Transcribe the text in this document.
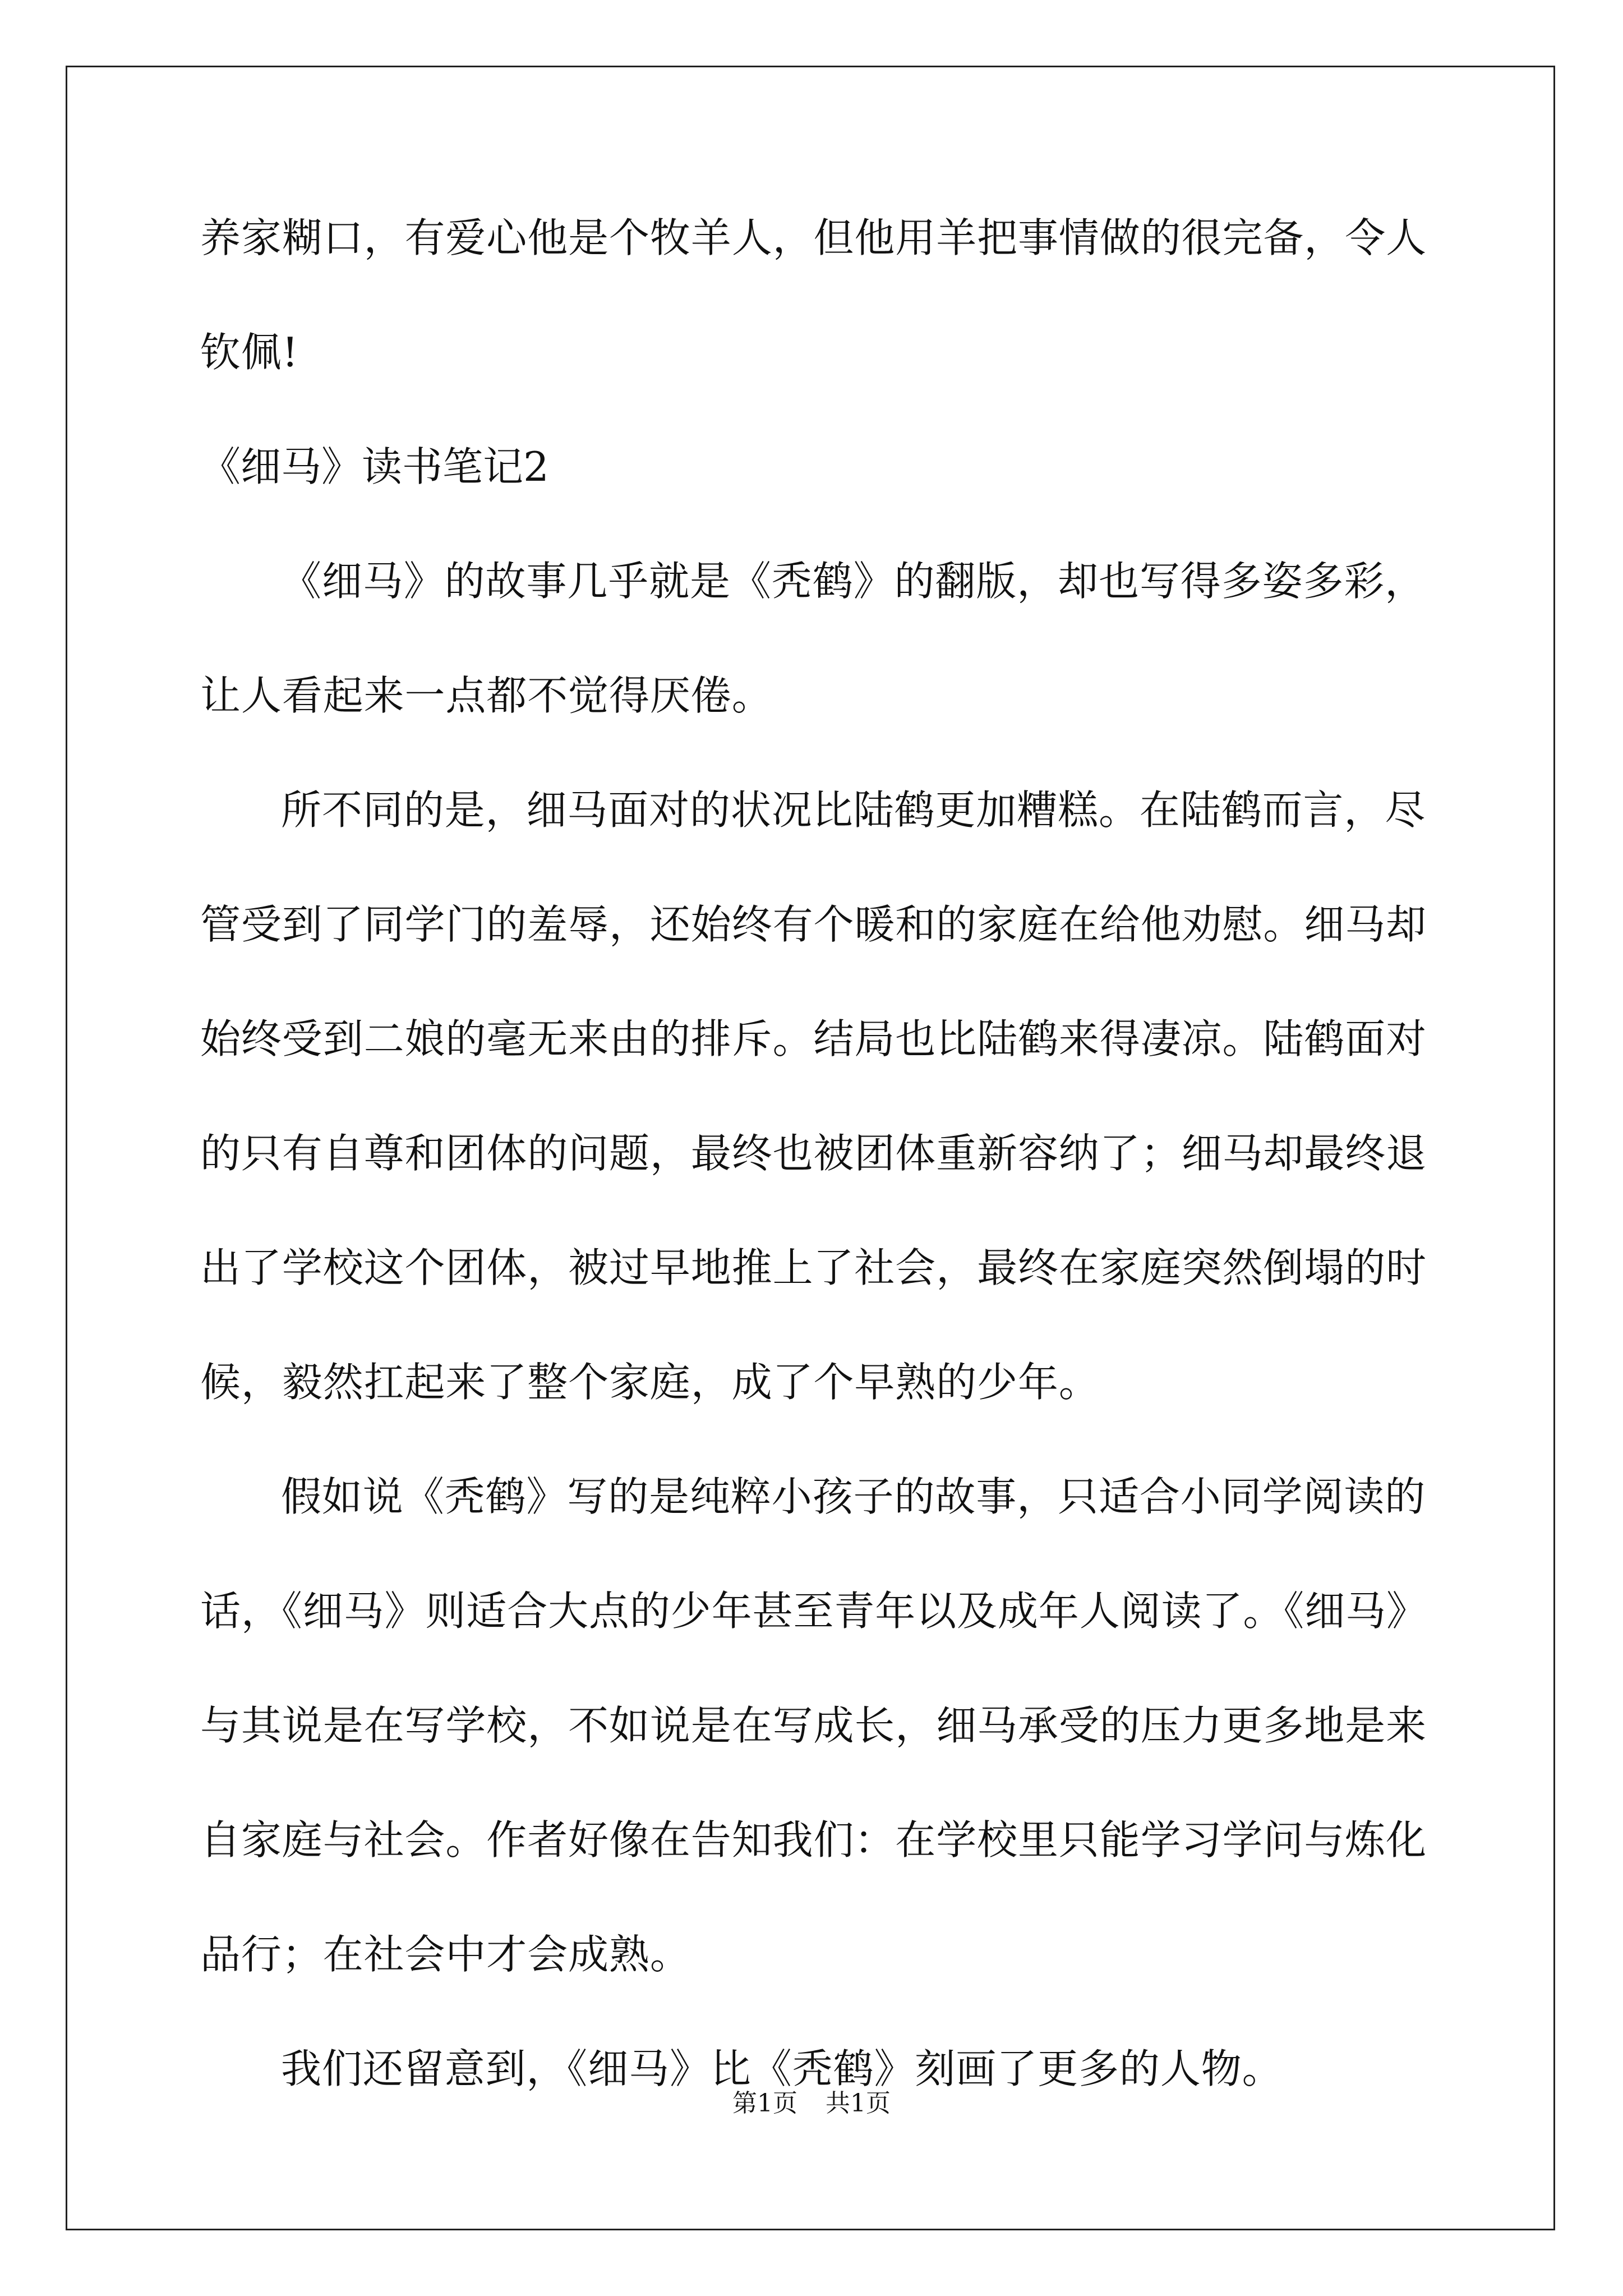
养家糊口，有爱心他是个牧羊人，但他用羊把事情做的很完备，令人
钦佩!
《细马》读书笔记2
《细马》的故事几乎就是《秃鹤》的翻版，却也写得多姿多彩，
让人看起来一点都不觉得厌倦。
所不同的是，细马面对的状况比陆鹤更加糟糕。在陆鹤而言，尽
管受到了同学门的羞辱，还始终有个暖和的家庭在给他劝慰。细马却
始终受到二娘的毫无来由的排斥。结局也比陆鹤来得凄凉。陆鹤面对
的只有自尊和团体的问题，最终也被团体重新容纳了；细马却最终退
出了学校这个团体，被过早地推上了社会，最终在家庭突然倒塌的时
候，毅然扛起来了整个家庭，成了个早熟的少年。
假如说《秃鹤》写的是纯粹小孩子的故事，只适合小同学阅读的
话，《细马》则适合大点的少年甚至青年以及成年人阅读了。《细马》
与其说是在写学校，不如说是在写成长，细马承受的压力更多地是来
自家庭与社会。作者好像在告知我们：在学校里只能学习学问与炼化
品行；在社会中才会成熟。
我们还留意到，《细马》比《秃鹤》刻画了更多的人物。
第1页 共1页
